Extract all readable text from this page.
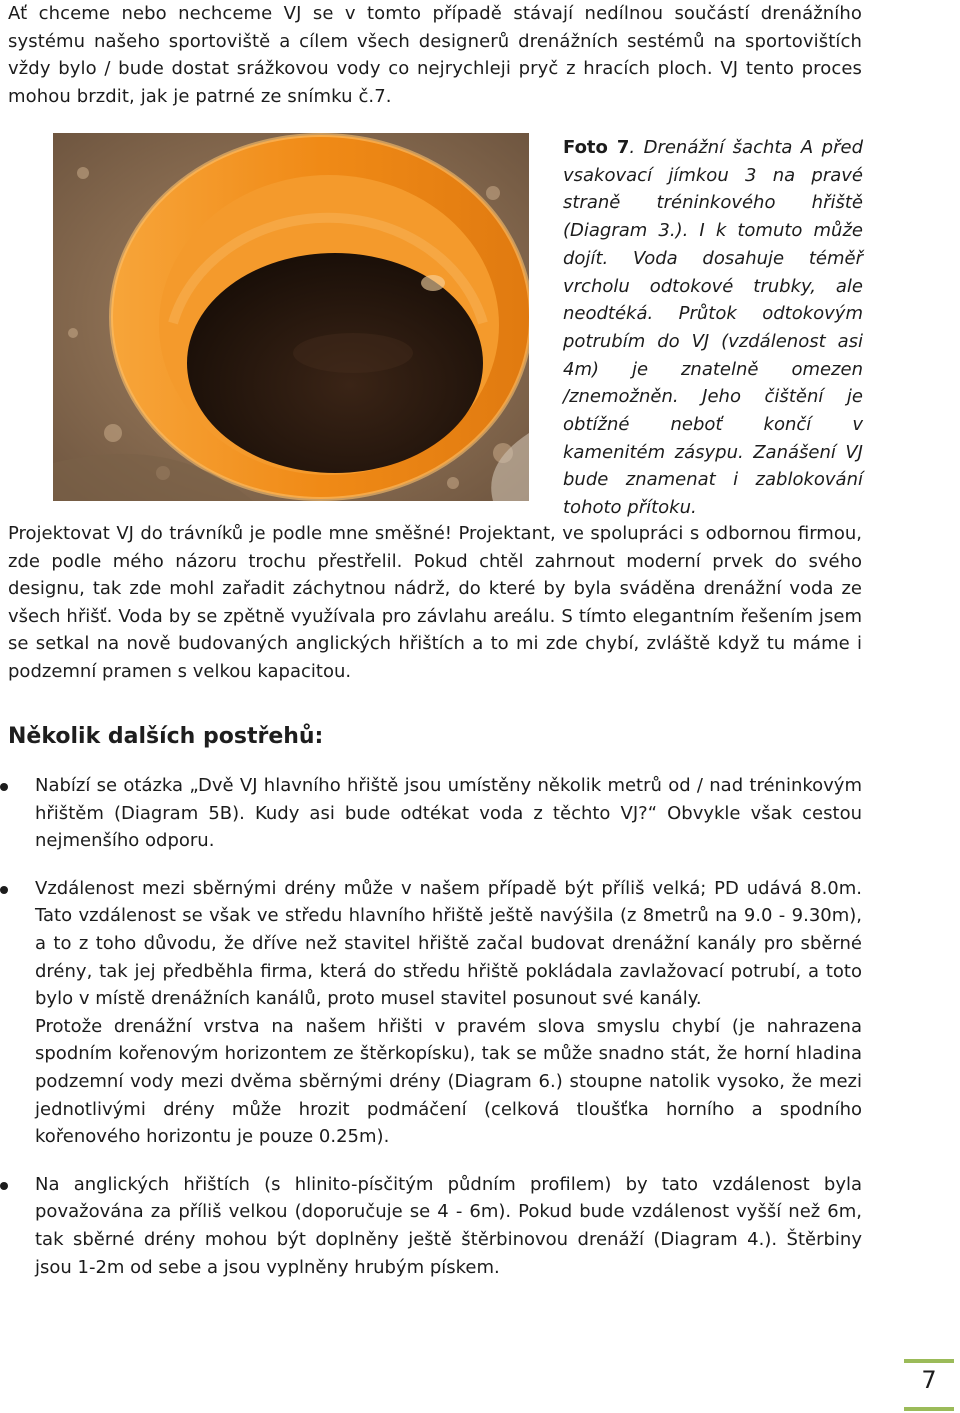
Ať chceme nebo nechceme VJ se v tomto případě stávají nedílnou součástí drenážního systému našeho sportoviště a cílem všech designerů drenážních sestémů na sportovištích vždy bylo / bude dostat srážkovou vody co nejrychleji pryč z hracích ploch. VJ tento proces mohou brzdit, jak je patrné ze snímku č.7.

Foto 7. Drenážní šachta A před vsakovací jímkou 3 na pravé straně tréninkového hřiště (Diagram 3.). I k tomuto může dojít. Voda dosahuje téměř vrcholu odtokové trubky, ale neodtéká. Průtok odtokovým potrubím do VJ (vzdálenost asi 4m) je znatelně omezen /znemožněn. Jeho čištění je obtížné neboť končí v kamenitém zásypu. Zanášení VJ bude znamenat i zablokování tohoto přítoku.

Projektovat VJ do trávníků je podle mne směšné! Projektant, ve spolupráci s odbornou firmou, zde podle mého názoru trochu přestřelil. Pokud chtěl zahrnout moderní prvek do svého designu, tak zde mohl zařadit záchytnou nádrž, do které by byla sváděna drenážní voda ze všech hřišť. Voda by se zpětně využívala pro závlahu areálu. S tímto elegantním řešením jsem se setkal na nově budovaných anglických hřištích a to mi zde chybí, zvláště když tu máme i podzemní pramen s velkou kapacitou.

Několik dalších postřehů:

Nabízí se otázka „Dvě VJ hlavního hřiště jsou umístěny několik metrů od / nad tréninkovým hřištěm (Diagram 5B). Kudy asi bude odtékat voda z těchto VJ?“ Obvykle však cestou nejmenšího odporu.

Vzdálenost mezi sběrnými drény může v našem případě být příliš velká; PD udává 8.0m. Tato vzdálenost se však ve středu hlavního hřiště ještě navýšila (z 8metrů na 9.0 - 9.30m), a to z toho důvodu, že dříve než stavitel hřiště začal budovat drenážní kanály pro sběrné drény, tak jej předběhla firma, která do středu hřiště pokládala zavlažovací potrubí, a toto bylo v místě drenážních kanálů, proto musel stavitel posunout své kanály.

Protože drenážní vrstva na našem hřišti v pravém slova smyslu chybí (je nahrazena spodním kořenovým horizontem ze štěrkopísku), tak se může snadno stát, že horní hladina podzemní vody mezi dvěma sběrnými drény (Diagram 6.) stoupne natolik vysoko, že mezi jednotlivými drény může hrozit podmáčení (celková tloušťka horního a spodního kořenového horizontu je pouze 0.25m).

Na anglických hřištích (s hlinito-písčitým půdním profilem) by tato vzdálenost byla považována za příliš velkou (doporučuje se 4 - 6m). Pokud bude vzdálenost vyšší než 6m, tak sběrné drény mohou být doplněny ještě štěrbinovou drenáží (Diagram 4.). Štěrbiny jsou 1-2m od sebe a jsou vyplněny hrubým pískem.

7
